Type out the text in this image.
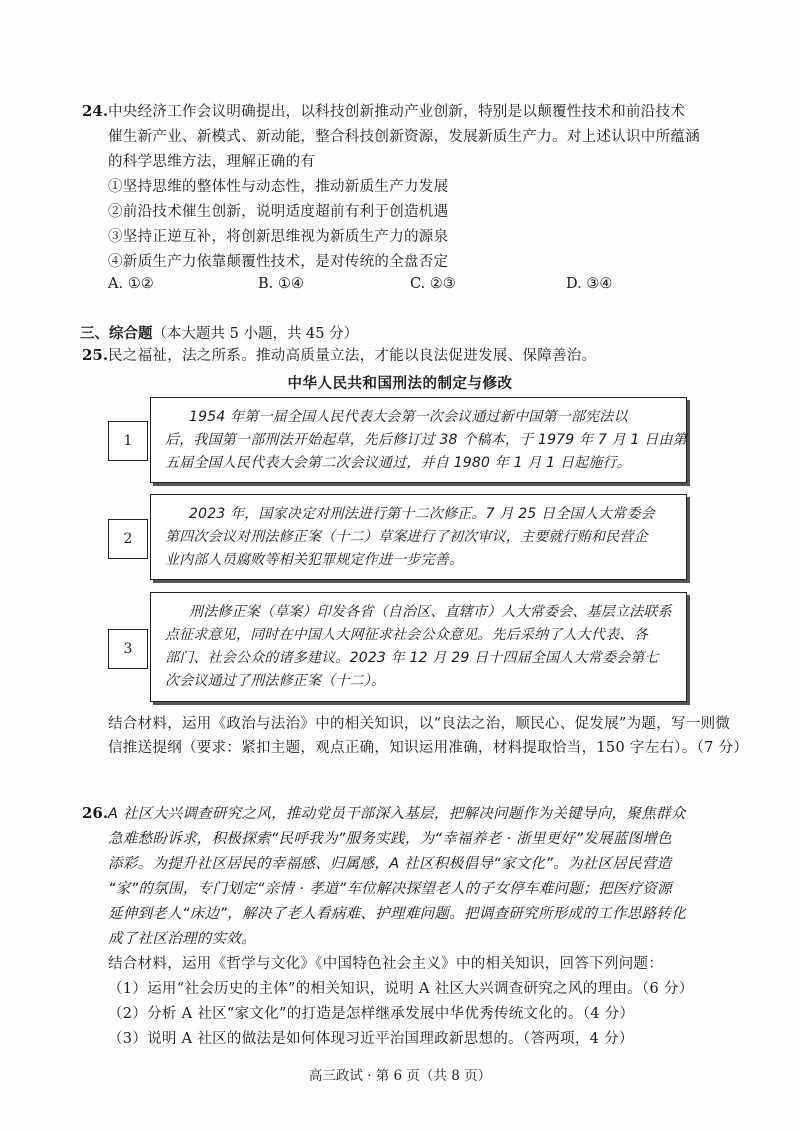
24. 中央经济工作会议明确提出，以科技创新推动产业创新，特别是以颠覆性技术和前沿技术
催生新产业、新模式、新动能，整合科技创新资源，发展新质生产力。对上述认识中所蕴涵
的科学思维方法，理解正确的有
①坚持思维的整体性与动态性，推动新质生产力发展
②前沿技术催生创新，说明适度超前有利于创造机遇
③坚持正逆互补，将创新思维视为新质生产力的源泉
④新质生产力依靠颠覆性技术，是对传统的全盘否定
A. ①②	B. ①④	C. ②③	D. ③④
三、综合题（本大题共 5 小题，共 45 分）
25. 民之福祉，法之所系。推动高质量立法，才能以良法促进发展、保障善治。
中华人民共和国刑法的制定与修改
1
1954 年第一届全国人民代表大会第一次会议通过新中国第一部宪法以
后，我国第一部刑法开始起草，先后修订过 38 个稿本，于 1979 年 7 月 1 日由第
五届全国人民代表大会第二次会议通过，并自 1980 年 1 月 1 日起施行。
2
2023 年，国家决定对刑法进行第十二次修正。7 月 25 日全国人大常委会
第四次会议对刑法修正案（十二）草案进行了初次审议，主要就行贿和民营企
业内部人员腐败等相关犯罪规定作进一步完善。
3
刑法修正案（草案）印发各省（自治区、直辖市）人大常委会、基层立法联系
点征求意见，同时在中国人大网征求社会公众意见。先后采纳了人大代表、各
部门、社会公众的诸多建议。2023 年 12 月 29 日十四届全国人大常委会第七
次会议通过了刑法修正案（十二）。
结合材料，运用《政治与法治》中的相关知识，以“良法之治，顺民心、促发展”为题，写一则微
信推送提纲（要求：紧扣主题，观点正确，知识运用准确，材料提取恰当，150 字左右）。（7 分）
26. A 社区大兴调查研究之风，推动党员干部深入基层，把解决问题作为关键导向，聚焦群众
急难愁盼诉求，积极探索“民呼我为”服务实践，为“幸福养老 · 浙里更好”发展蓝图增色
添彩。为提升社区居民的幸福感、归属感，A 社区积极倡导“家文化”。为社区居民营造
“家”的氛围，专门划定“亲情 · 孝道”车位解决探望老人的子女停车难问题；把医疗资源
延伸到老人“床边”，解决了老人看病难、护理难问题。把调查研究所形成的工作思路转化
成了社区治理的实效。
结合材料，运用《哲学与文化》《中国特色社会主义》中的相关知识，回答下列问题：
（1）运用“社会历史的主体”的相关知识，说明 A 社区大兴调查研究之风的理由。（6 分）
（2）分析 A 社区“家文化”的打造是怎样继承发展中华优秀传统文化的。（4 分）
（3）说明 A 社区的做法是如何体现习近平治国理政新思想的。（答两项，4 分）
高三政试 · 第 6 页（共 8 页）
